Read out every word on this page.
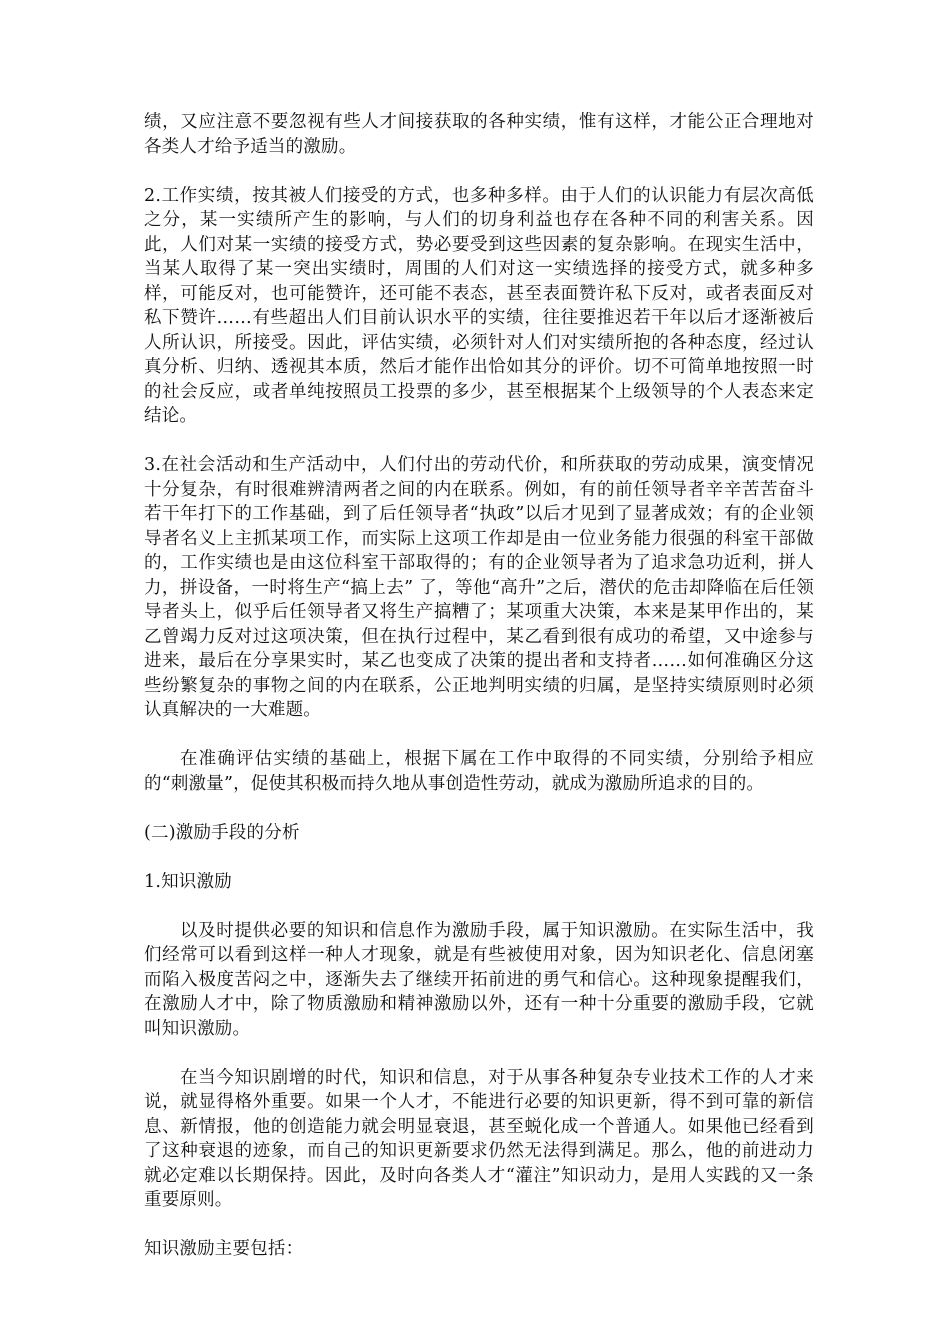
绩，又应注意不要忽视有些人才间接获取的各种实绩，惟有这样，才能公正合理地对各类人才给予适当的激励。

2.工作实绩，按其被人们接受的方式，也多种多样。由于人们的认识能力有层次高低之分，某一实绩所产生的影响，与人们的切身利益也存在各种不同的利害关系。因此，人们对某一实绩的接受方式，势必要受到这些因素的复杂影响。在现实生活中，当某人取得了某一突出实绩时，周围的人们对这一实绩选择的接受方式，就多种多样，可能反对，也可能赞许，还可能不表态，甚至表面赞许私下反对，或者表面反对私下赞许……有些超出人们目前认识水平的实绩，往往要推迟若干年以后才逐渐被后人所认识，所接受。因此，评估实绩，必须针对人们对实绩所抱的各种态度，经过认真分析、归纳、透视其本质，然后才能作出恰如其分的评价。切不可简单地按照一时的社会反应，或者单纯按照员工投票的多少，甚至根据某个上级领导的个人表态来定结论。

3.在社会活动和生产活动中，人们付出的劳动代价，和所获取的劳动成果，演变情况十分复杂，有时很难辨清两者之间的内在联系。例如，有的前任领导者辛辛苦苦奋斗若干年打下的工作基础，到了后任领导者“执政”以后才见到了显著成效；有的企业领导者名义上主抓某项工作，而实际上这项工作却是由一位业务能力很强的科室干部做的，工作实绩也是由这位科室干部取得的；有的企业领导者为了追求急功近利，拼人力，拼设备，一时将生产“搞上去” 了，等他“高升”之后，潜伏的危击却降临在后任领导者头上，似乎后任领导者又将生产搞糟了；某项重大决策，本来是某甲作出的，某乙曾竭力反对过这项决策，但在执行过程中，某乙看到很有成功的希望，又中途参与进来，最后在分享果实时，某乙也变成了决策的提出者和支持者……如何准确区分这些纷繁复杂的事物之间的内在联系，公正地判明实绩的归属，是坚持实绩原则时必须认真解决的一大难题。

在准确评估实绩的基础上，根据下属在工作中取得的不同实绩，分别给予相应的“刺激量”，促使其积极而持久地从事创造性劳动，就成为激励所追求的目的。

(二)激励手段的分析

1.知识激励

以及时提供必要的知识和信息作为激励手段，属于知识激励。在实际生活中，我们经常可以看到这样一种人才现象，就是有些被使用对象，因为知识老化、信息闭塞而陷入极度苦闷之中，逐渐失去了继续开拓前进的勇气和信心。这种现象提醒我们，在激励人才中，除了物质激励和精神激励以外，还有一种十分重要的激励手段，它就叫知识激励。

在当今知识剧增的时代，知识和信息，对于从事各种复杂专业技术工作的人才来说，就显得格外重要。如果一个人才，不能进行必要的知识更新，得不到可靠的新信息、新情报，他的创造能力就会明显衰退，甚至蜕化成一个普通人。如果他已经看到了这种衰退的迹象，而自己的知识更新要求仍然无法得到满足。那么，他的前进动力就必定难以长期保持。因此，及时向各类人才“灌注”知识动力，是用人实践的又一条重要原则。

知识激励主要包括：
